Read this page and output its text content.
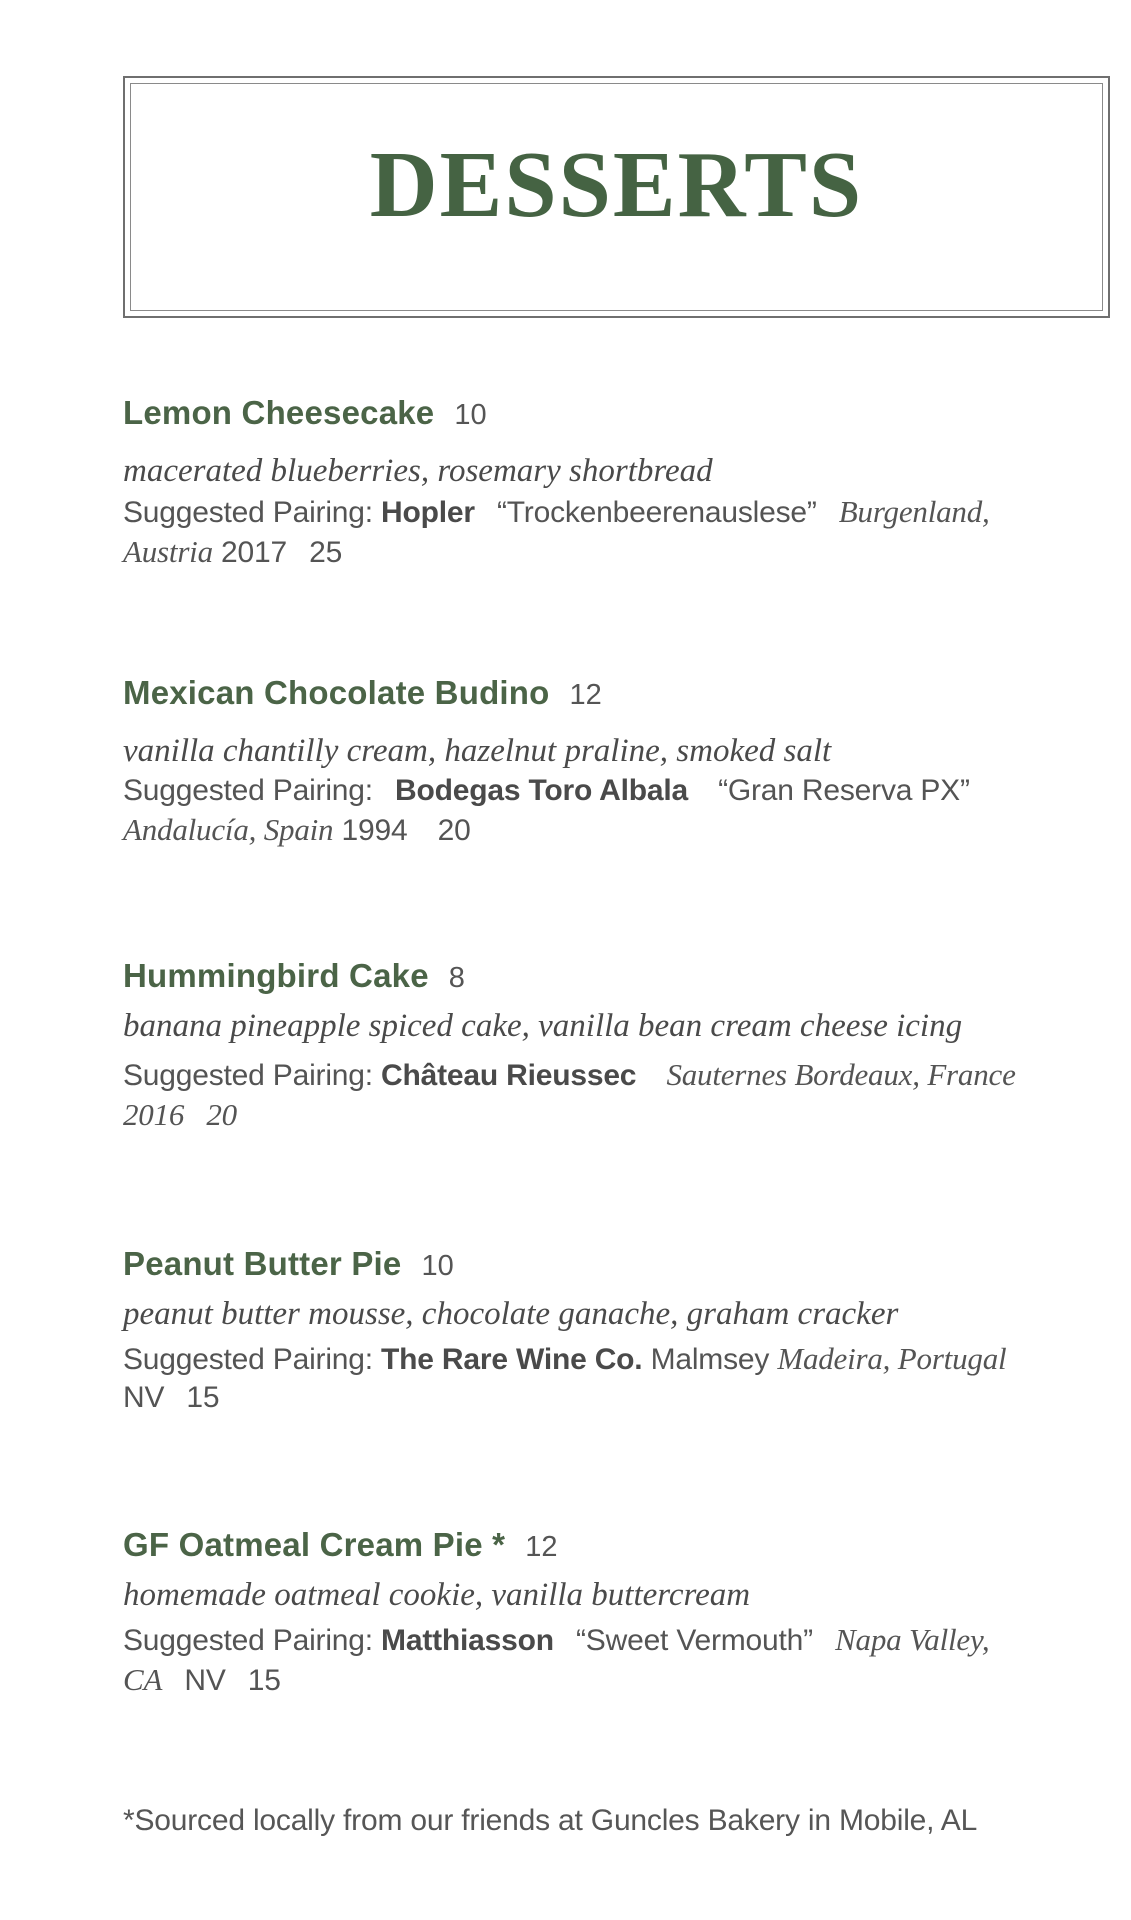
DESSERTS
Lemon Cheesecake 10
macerated blueberries, rosemary shortbread
Suggested Pairing: Hopler “Trockenbeerenauslese” Burgenland, Austria 2017 25
Mexican Chocolate Budino 12
vanilla chantilly cream, hazelnut praline, smoked salt
Suggested Pairing: Bodegas Toro Albala “Gran Reserva PX” Andalucía, Spain 1994 20
Hummingbird Cake 8
banana pineapple spiced cake, vanilla bean cream cheese icing
Suggested Pairing: Château Rieussec Sauternes Bordeaux, France 2016 20
Peanut Butter Pie 10
peanut butter mousse, chocolate ganache, graham cracker
Suggested Pairing: The Rare Wine Co. Malmsey Madeira, Portugal NV 15
GF Oatmeal Cream Pie * 12
homemade oatmeal cookie, vanilla buttercream
Suggested Pairing: Matthiasson “Sweet Vermouth” Napa Valley, CA NV 15
*Sourced locally from our friends at Guncles Bakery in Mobile, AL
